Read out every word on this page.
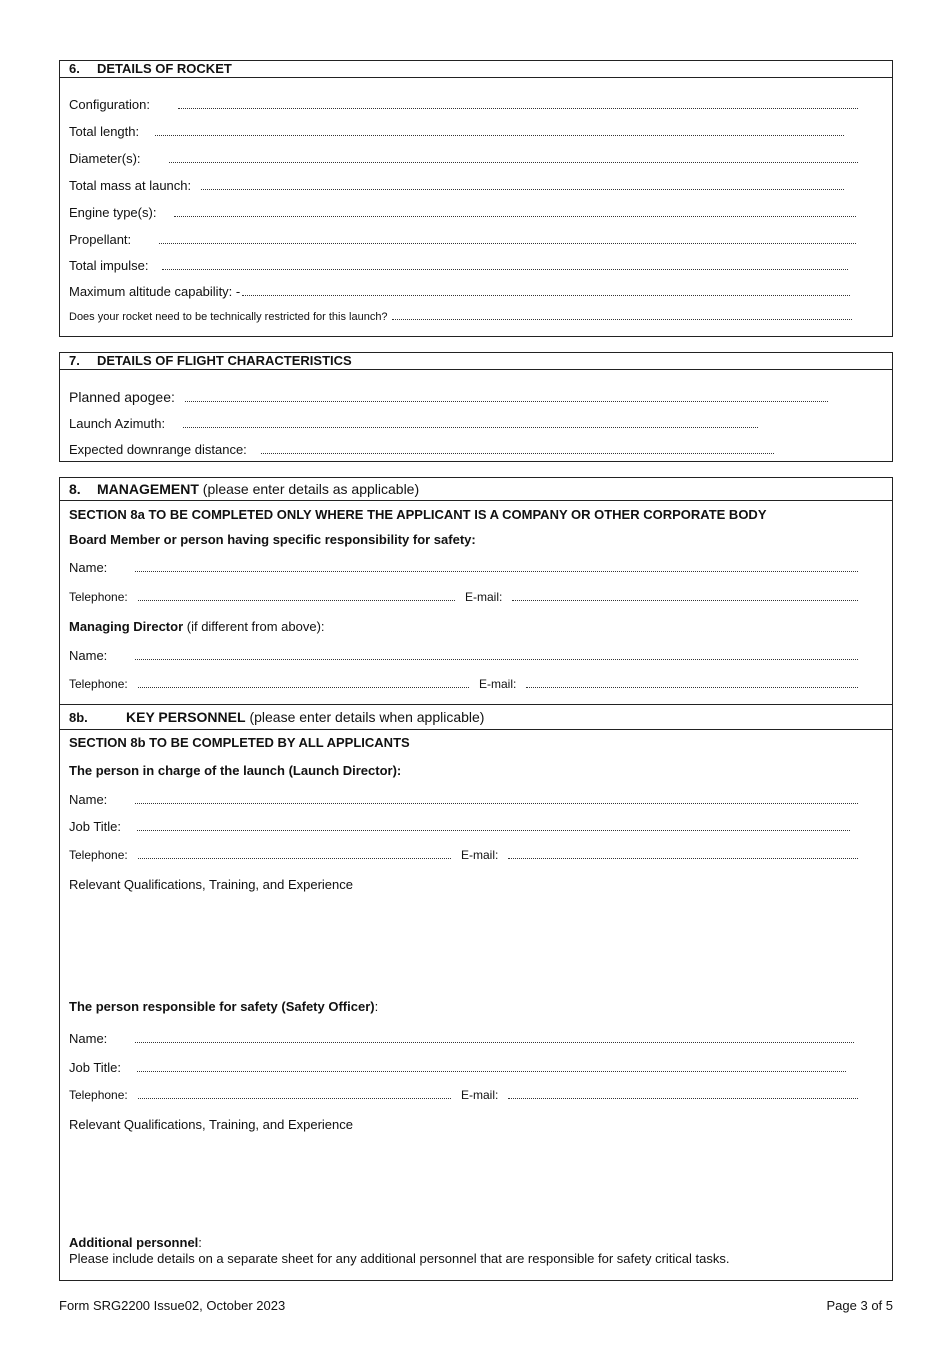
6. DETAILS OF ROCKET
Configuration:
Total length:
Diameter(s):
Total mass at launch:
Engine type(s):
Propellant:
Total impulse:
Maximum altitude capability: -
Does your rocket need to be technically restricted for this launch?
7. DETAILS OF FLIGHT CHARACTERISTICS
Planned apogee:
Launch Azimuth:
Expected downrange distance:
8. MANAGEMENT (please enter details as applicable)
SECTION 8a TO BE COMPLETED ONLY WHERE THE APPLICANT IS A COMPANY OR OTHER CORPORATE BODY
Board Member or person having specific responsibility for safety:
Name:
Telephone:	E-mail:
Managing Director (if different from above):
Name:
Telephone:	E-mail:
8b.	KEY PERSONNEL (please enter details when applicable)
SECTION 8b TO BE COMPLETED BY ALL APPLICANTS
The person in charge of the launch (Launch Director):
Name:
Job Title:
Telephone:	E-mail:
Relevant Qualifications, Training, and Experience
The person responsible for safety (Safety Officer):
Name:
Job Title:
Telephone:	E-mail:
Relevant Qualifications, Training, and Experience
Additional personnel:
Please include details on a separate sheet for any additional personnel that are responsible for safety critical tasks.
Form SRG2200 Issue02, October 2023	Page 3 of 5
